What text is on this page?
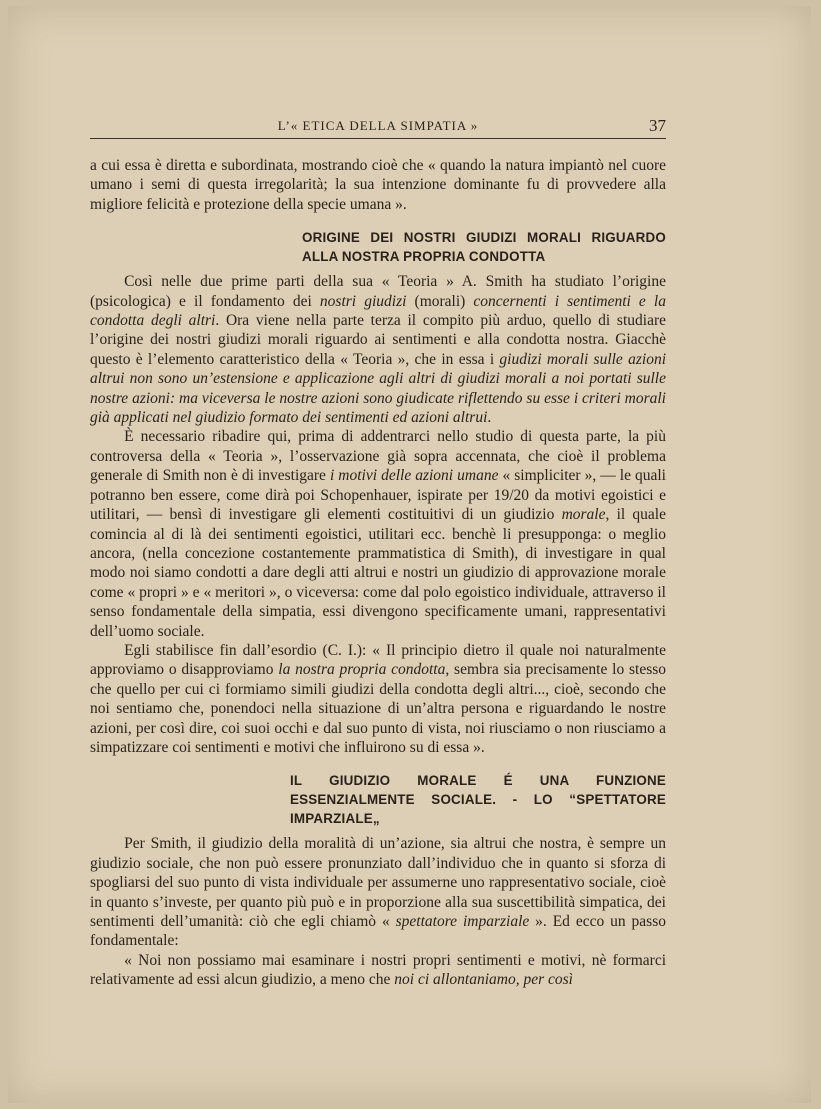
L’« ETICA DELLA SIMPATIA »	37

a cui essa è diretta e subordinata, mostrando cioè che « quando la natura impiantò nel cuore umano i semi di questa irregolarità; la sua intenzione dominante fu di provvedere alla migliore felicità e protezione della specie umana ».

ORIGINE DEI NOSTRI GIUDIZI MORALI RIGUARDO ALLA NOSTRA PROPRIA CONDOTTA

Così nelle due prime parti della sua « Teoria » A. Smith ha studiato l’origine (psicologica) e il fondamento dei nostri giudizi (morali) concernenti i sentimenti e la condotta degli altri. Ora viene nella parte terza il compito più arduo, quello di studiare l’origine dei nostri giudizi morali riguardo ai sentimenti e alla condotta nostra. Giacchè questo è l’elemento caratteristico della « Teoria », che in essa i giudizi morali sulle azioni altrui non sono un’estensione e applicazione agli altri di giudizi morali a noi portati sulle nostre azioni: ma viceversa le nostre azioni sono giudicate riflettendo su esse i criteri morali già applicati nel giudizio formato dei sentimenti ed azioni altrui.

È necessario ribadire qui, prima di addentrarci nello studio di questa parte, la più controversa della « Teoria », l’osservazione già sopra accennata, che cioè il problema generale di Smith non è di investigare i motivi delle azioni umane « simpliciter », — le quali potranno ben essere, come dirà poi Schopenhauer, ispirate per 19/20 da motivi egoistici e utilitari, — bensì di investigare gli elementi costituitivi di un giudizio morale, il quale comincia al di là dei sentimenti egoistici, utilitari ecc. benchè li presupponga: o meglio ancora, (nella concezione costantemente prammatistica di Smith), di investigare in qual modo noi siamo condotti a dare degli atti altrui e nostri un giudizio di approvazione morale come « propri » e « meritori », o viceversa: come dal polo egoistico individuale, attraverso il senso fondamentale della simpatia, essi divengono specificamente umani, rappresentativi dell’uomo sociale.

Egli stabilisce fin dall’esordio (C. I.): « Il principio dietro il quale noi naturalmente approviamo o disapproviamo la nostra propria condotta, sembra sia precisamente lo stesso che quello per cui ci formiamo simili giudizi della condotta degli altri..., cioè, secondo che noi sentiamo che, ponendoci nella situazione di un’altra persona e riguardando le nostre azioni, per così dire, coi suoi occhi e dal suo punto di vista, noi riusciamo o non riusciamo a simpatizzare coi sentimenti e motivi che influirono su di essa ».

IL GIUDIZIO MORALE É UNA FUNZIONE ESSENZIALMENTE SOCIALE. - LO “SPETTATORE IMPARZIALE„

Per Smith, il giudizio della moralità di un’azione, sia altrui che nostra, è sempre un giudizio sociale, che non può essere pronunziato dall’individuo che in quanto si sforza di spogliarsi del suo punto di vista individuale per assumerne uno rappresentativo sociale, cioè in quanto s’investe, per quanto più può e in proporzione alla sua suscettibilità simpatica, dei sentimenti dell’umanità: ciò che egli chiamò « spettatore imparziale ». Ed ecco un passo fondamentale:

« Noi non possiamo mai esaminare i nostri propri sentimenti e motivi, nè formarci relativamente ad essi alcun giudizio, a meno che noi ci allontaniamo, per così
